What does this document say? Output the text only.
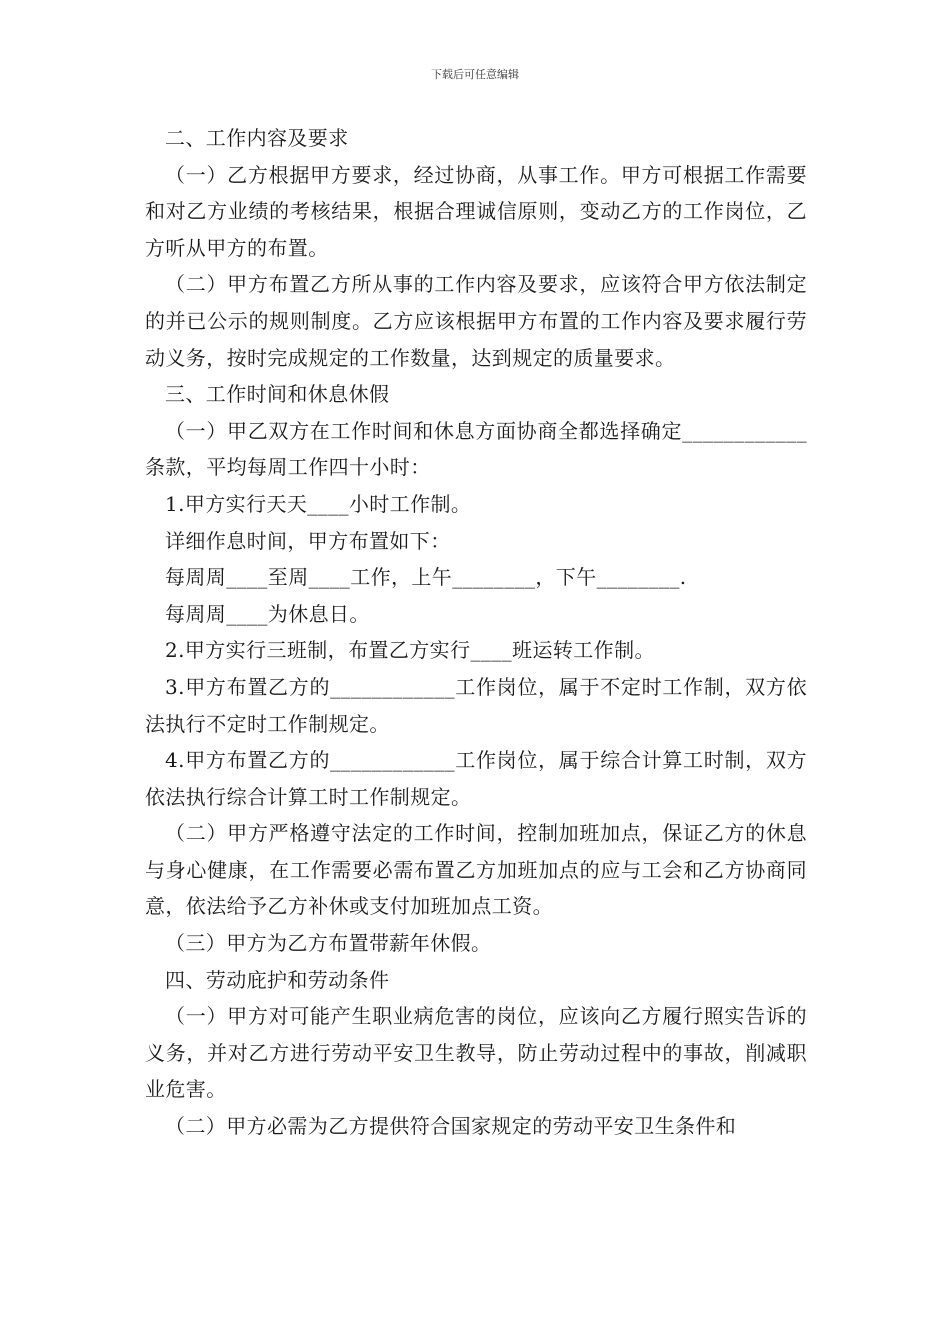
下载后可任意编辑

二、工作内容及要求

（一）乙方根据甲方要求，经过协商，从事工作。甲方可根据工作需要和对乙方业绩的考核结果，根据合理诚信原则，变动乙方的工作岗位，乙方听从甲方的布置。

（二）甲方布置乙方所从事的工作内容及要求，应该符合甲方依法制定的并已公示的规则制度。乙方应该根据甲方布置的工作内容及要求履行劳动义务，按时完成规定的工作数量，达到规定的质量要求。

三、工作时间和休息休假

（一）甲乙双方在工作时间和休息方面协商全都选择确定____________条款，平均每周工作四十小时：

1.甲方实行天天____小时工作制。

详细作息时间，甲方布置如下：

每周周____至周____工作，上午________，下午________.

每周周____为休息日。

2.甲方实行三班制，布置乙方实行____班运转工作制。

3.甲方布置乙方的____________工作岗位，属于不定时工作制，双方依法执行不定时工作制规定。

4.甲方布置乙方的____________工作岗位，属于综合计算工时制，双方依法执行综合计算工时工作制规定。

（二）甲方严格遵守法定的工作时间，控制加班加点，保证乙方的休息与身心健康，在工作需要必需布置乙方加班加点的应与工会和乙方协商同意，依法给予乙方补休或支付加班加点工资。

（三）甲方为乙方布置带薪年休假。

四、劳动庇护和劳动条件

（一）甲方对可能产生职业病危害的岗位，应该向乙方履行照实告诉的义务，并对乙方进行劳动平安卫生教导，防止劳动过程中的事故，削减职业危害。

（二）甲方必需为乙方提供符合国家规定的劳动平安卫生条件和
